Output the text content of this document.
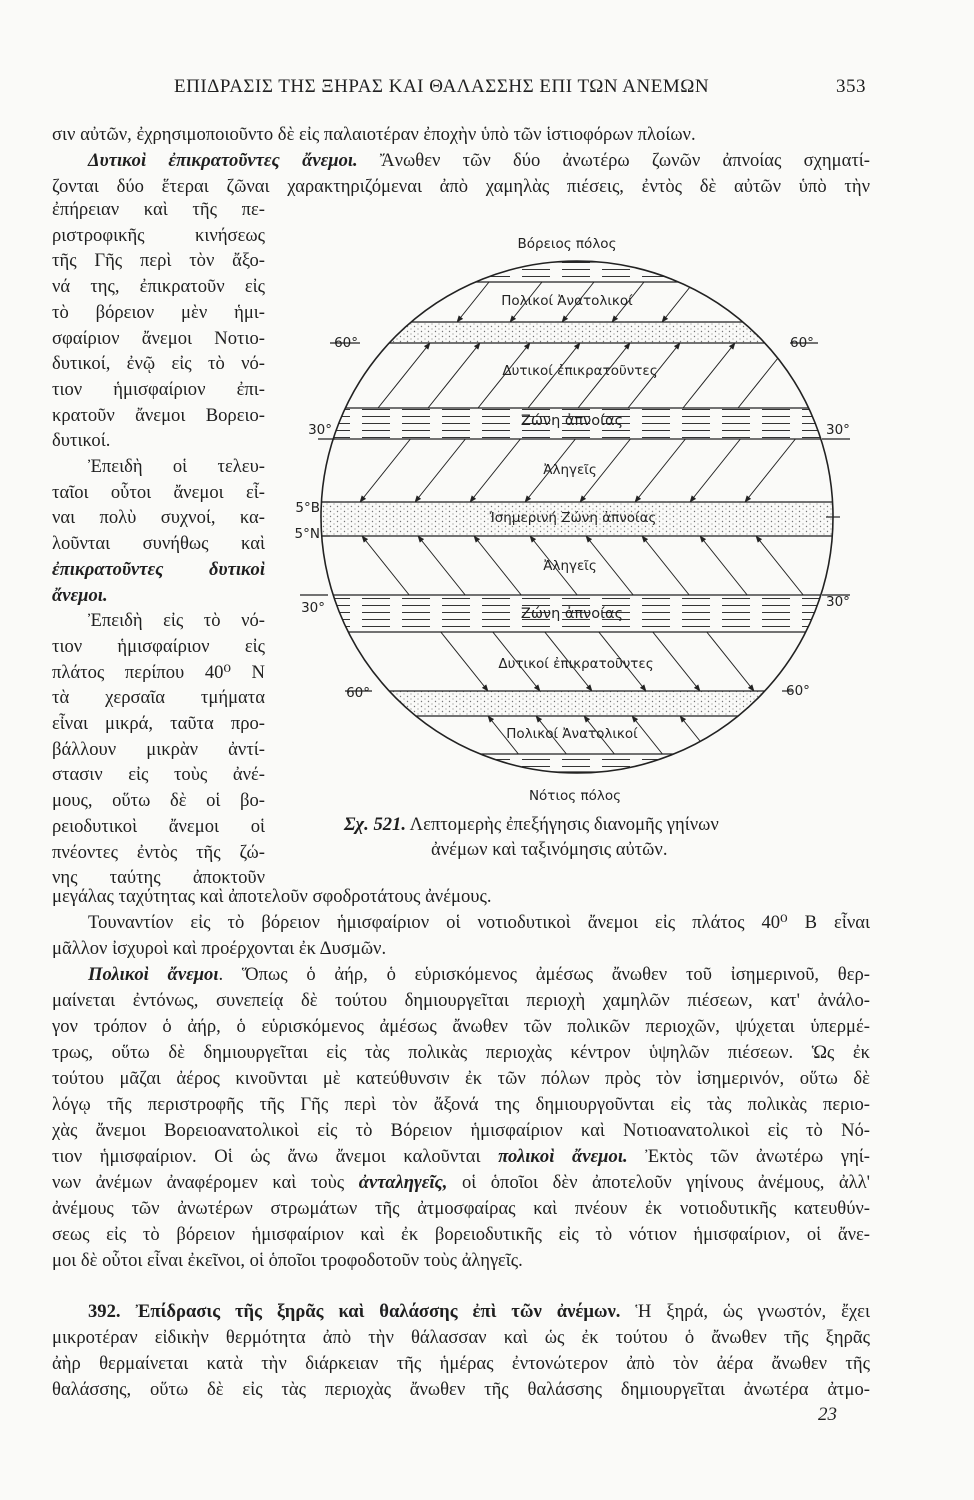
ΕΠΙΔΡΑΣΙΣ ΤΗΣ ΞΗΡΑΣ ΚΑΙ ΘΑΛΑΣΣΗΣ ΕΠΙ ΤΩΝ ΑΝΕΜΩΝ	353
σιν αὐτῶν, ἐχρησιμοποιοῦντο δὲ εἰς παλαιοτέραν ἐποχὴν ὑπὸ τῶν ἱστιοφόρων πλοίων.
Δυτικοὶ ἐπικρατοῦντες ἄνεμοι. Ἄνωθεν τῶν δύο ἀνωτέρω ζωνῶν ἀπνοίας σχηματί-
ζονται δύο ἕτεραι ζῶναι χαρακτηριζόμεναι ἀπὸ χαμηλὰς πιέσεις, ἐντὸς δὲ αὐτῶν ὑπὸ τὴν
ἐπήρειαν καὶ τῆς πε-
ριστροφικῆς κινήσεως
τῆς Γῆς περὶ τὸν ἄξο-
νά της, ἐπικρατοῦν εἰς
τὸ βόρειον μὲν ἡμι-
σφαίριον ἄνεμοι Νοτιο-
δυτικοί, ἐνῷ εἰς τὸ νό-
τιον ἡμισφαίριον ἐπι-
κρατοῦν ἄνεμοι Βορειο-
δυτικοί.
Ἐπειδὴ οἱ τελευ-
ταῖοι οὗτοι ἄνεμοι εἶ-
ναι πολὺ συχνοί, κα-
λοῦνται συνήθως καὶ
ἐπικρατοῦντες δυτικοὶ
ἄνεμοι.
Ἐπειδὴ εἰς τὸ νό-
τιον ἡμισφαίριον εἰς
πλάτος περίπου 40⁰ Ν
τὰ χερσαῖα τμήματα
εἶναι μικρά, ταῦτα προ-
βάλλουν μικρὰν ἀντί-
στασιν εἰς τοὺς ἀνέ-
μους, οὕτω δὲ οἱ βο-
ρειοδυτικοὶ ἄνεμοι οἱ
πνέοντες ἐντὸς τῆς ζώ-
νης ταύτης ἀποκτοῦν
μεγάλας ταχύτητας καὶ ἀποτελοῦν σφοδροτάτους ἀνέμους.
Τουναντίον εἰς τὸ βόρειον ἡμισφαίριον οἱ νοτιοδυτικοὶ ἄνεμοι εἰς πλάτος 40⁰ Β εἶναι
μᾶλλον ἰσχυροὶ καὶ προέρχονται ἐκ Δυσμῶν.
Πολικοὶ ἄνεμοι. Ὅπως ὁ ἀήρ, ὁ εὑρισκόμενος ἀμέσως ἄνωθεν τοῦ ἰσημερινοῦ, θερ-
μαίνεται ἐντόνως, συνεπείᾳ δὲ τούτου δημιουργεῖται περιοχὴ χαμηλῶν πιέσεων, κατ' ἀνάλο-
γον τρόπον ὁ ἀήρ, ὁ εὑρισκόμενος ἀμέσως ἄνωθεν τῶν πολικῶν περιοχῶν, ψύχεται ὑπερμέ-
τρως, οὕτω δὲ δημιουργεῖται εἰς τὰς πολικὰς περιοχὰς κέντρον ὑψηλῶν πιέσεων. Ὡς ἐκ
τούτου μᾶζαι ἀέρος κινοῦνται μὲ κατεύθυνσιν ἐκ τῶν πόλων πρὸς τὸν ἰσημερινόν, οὕτω δὲ
λόγῳ τῆς περιστροφῆς τῆς Γῆς περὶ τὸν ἄξονά της δημιουργοῦνται εἰς τὰς πολικὰς περιο-
χὰς ἄνεμοι Βορειοανατολικοὶ εἰς τὸ Βόρειον ἡμισφαίριον καὶ Νοτιοανατολικοὶ εἰς τὸ Νό-
τιον ἡμισφαίριον. Οἱ ὡς ἄνω ἄνεμοι καλοῦνται πολικοὶ ἄνεμοι. Ἐκτὸς τῶν ἀνωτέρω γηί-
νων ἀνέμων ἀναφέρομεν καὶ τοὺς ἀνταληγεῖς, οἱ ὁποῖοι δὲν ἀποτελοῦν γηίνους ἀνέμους, ἀλλ'
ἀνέμους τῶν ἀνωτέρων στρωμάτων τῆς ἀτμοσφαίρας καὶ πνέουν ἐκ νοτιοδυτικῆς κατευθύν-
σεως εἰς τὸ βόρειον ἡμισφαίριον καὶ ἐκ βορειοδυτικῆς εἰς τὸ νότιον ἡμισφαίριον, οἱ ἄνε-
μοι δὲ οὗτοι εἶναι ἐκεῖνοι, οἱ ὁποῖοι τροφοδοτοῦν τοὺς ἀληγεῖς.
392. Ἐπίδρασις τῆς ξηρᾶς καὶ θαλάσσης ἐπὶ τῶν ἀνέμων. Ἡ ξηρά, ὡς γνωστόν, ἔχει
μικροτέραν εἰδικὴν θερμότητα ἀπὸ τὴν θάλασσαν καὶ ὡς ἐκ τούτου ὁ ἄνωθεν τῆς ξηρᾶς
ἀὴρ θερμαίνεται κατὰ τὴν διάρκειαν τῆς ἡμέρας ἐντονώτερον ἀπὸ τὸν ἀέρα ἄνωθεν τῆς
θαλάσσης, οὕτω δὲ εἰς τὰς περιοχὰς ἄνωθεν τῆς θαλάσσης δημιουργεῖται ἀνωτέρα ἀτμο-
Βόρειος πόλος
Πολικοί Ἀνατολικοί
Δυτικοί ἐπικρατοῦντες
Ζώνη ἀπνοίας
Ἀληγεῖς
Ἰσημερινή Ζώνη ἀπνοίας
Ἀληγεῖς
Ζώνη ἀπνοίας
Δυτικοί ἐπικρατοῦντες
Πολικοί Ἀνατολικοί
Νότιος πόλος
60°	60°
30°	30°
5°B
5°N
30°	30°
60°	60°
Σχ. 521. Λεπτομερὴς ἐπεξήγησις διανομῆς γηίνων
ἀνέμων καὶ ταξινόμησις αὐτῶν.
23
